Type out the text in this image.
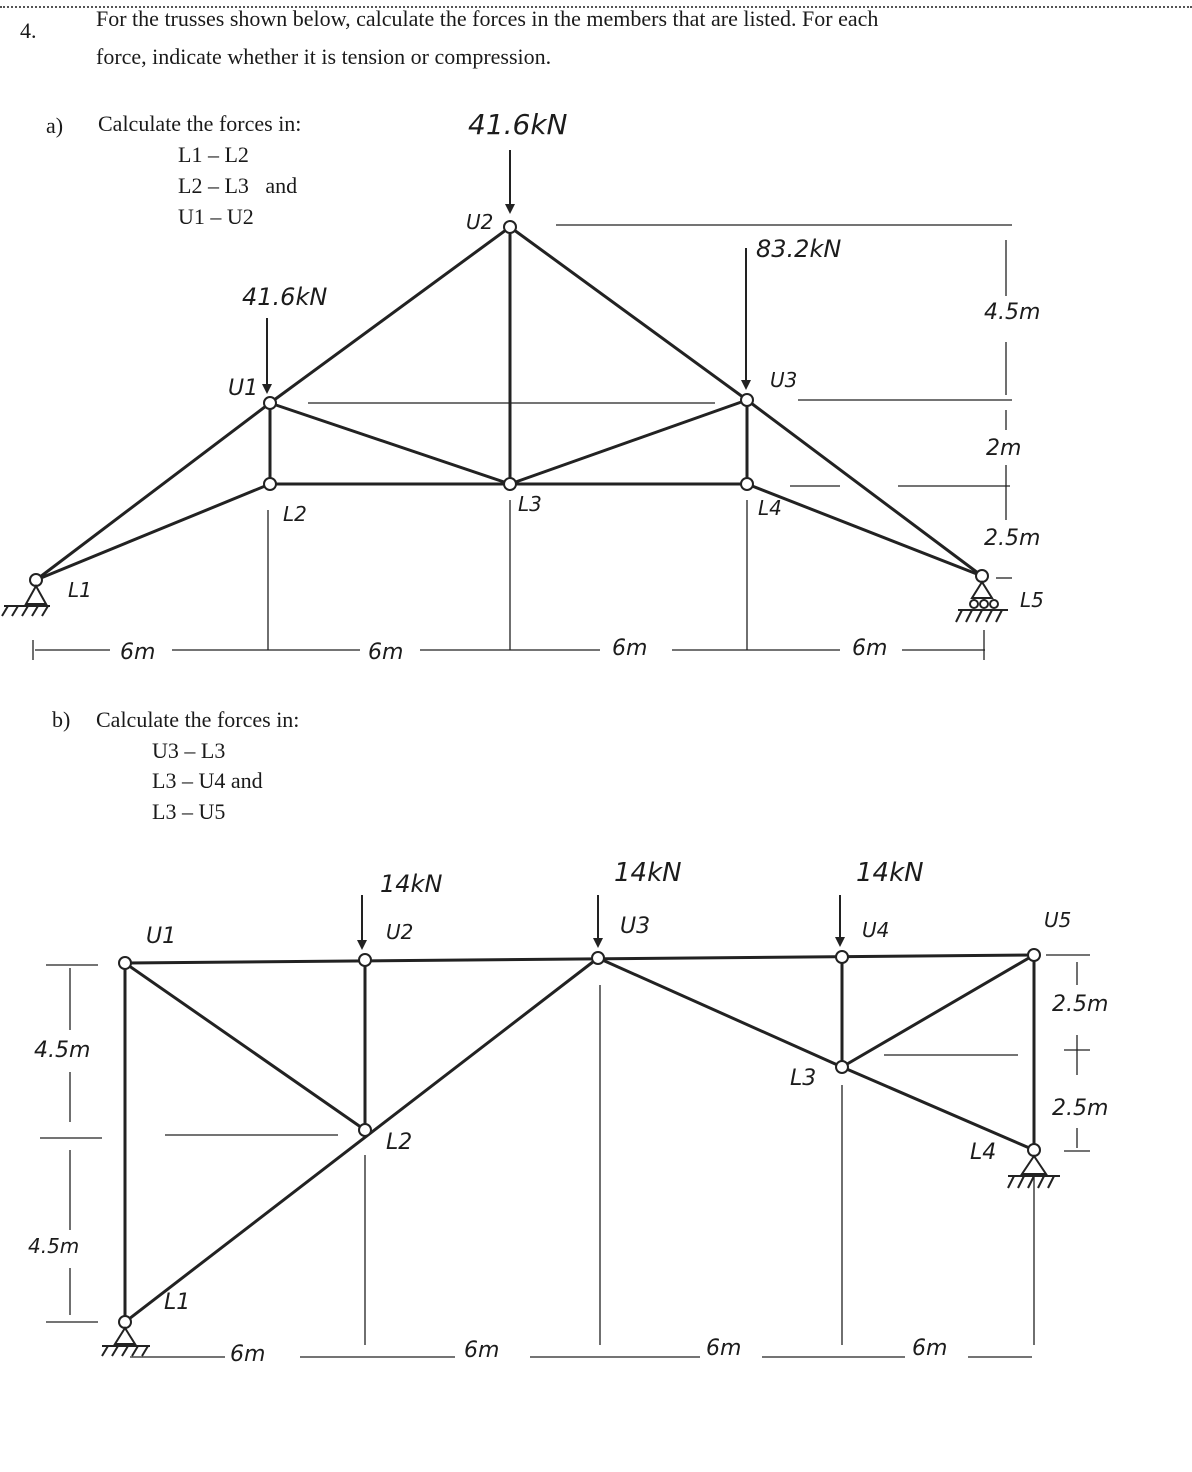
4.	For the trusses shown below, calculate the forces in the members that are listed. For each
force, indicate whether it is tension or compression.
a) Calculate the forces in:
L1 – L2
L2 – L3   and
U1 – U2
b) Calculate the forces in:
U3 – L3
L3 – U4 and
L3 – U5
41.6kN
41.6kN
83.2kN
L1
U1
L2
U2
L3
U3
L4
L5
6m	6m	6m	6m
4.5m
2m
2.5m
14kN	14kN	14kN
U1	U2	U3	U4	U5
L1
L2
L3
L4
6m	6m	6m	6m
4.5m
4.5m
2.5m
2.5m
